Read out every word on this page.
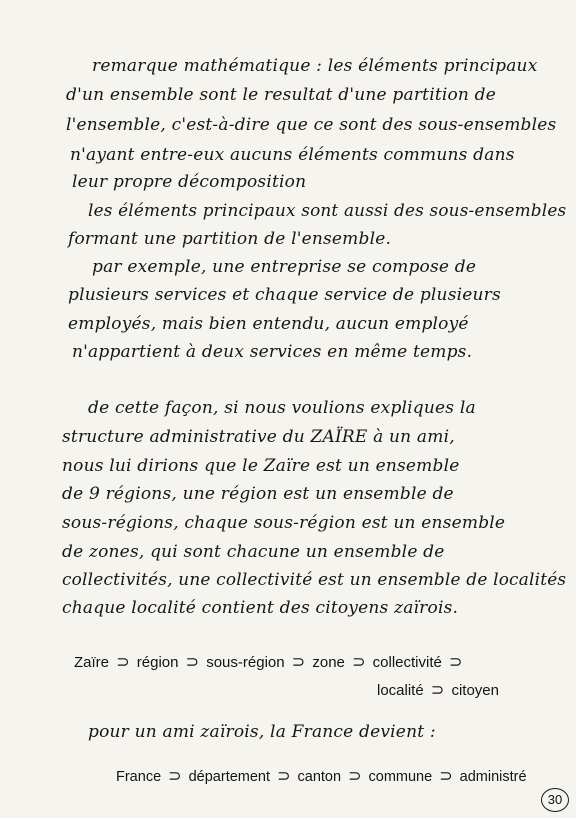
remarque mathématique : les éléments principaux
d'un ensemble sont le resultat d'une partition de
l'ensemble, c'est-à-dire que ce sont des sous-ensembles
n'ayant entre-eux aucuns éléments communs dans
leur propre décomposition
les éléments principaux sont aussi des sous-ensembles
formant une partition de l'ensemble.
par exemple, une entreprise se compose de
plusieurs services et chaque service de plusieurs
employés, mais bien entendu, aucun employé
n'appartient à deux services en même temps.
de cette façon, si nous voulions expliques la
structure administrative du ZAÏRE à un ami,
nous lui dirions que le Zaïre est un ensemble
de 9 régions, une région est un ensemble de
sous-régions, chaque sous-région est un ensemble
de zones, qui sont chacune un ensemble de
collectivités, une collectivité est un ensemble de localités
chaque localité contient des citoyens zaïrois.
Zaïre ⊃ région ⊃ sous-région ⊃ zone ⊃ collectivité ⊃
localité ⊃ citoyen
pour un ami zaïrois, la France devient :
France ⊃ département ⊃ canton ⊃ commune ⊃ administré
30
